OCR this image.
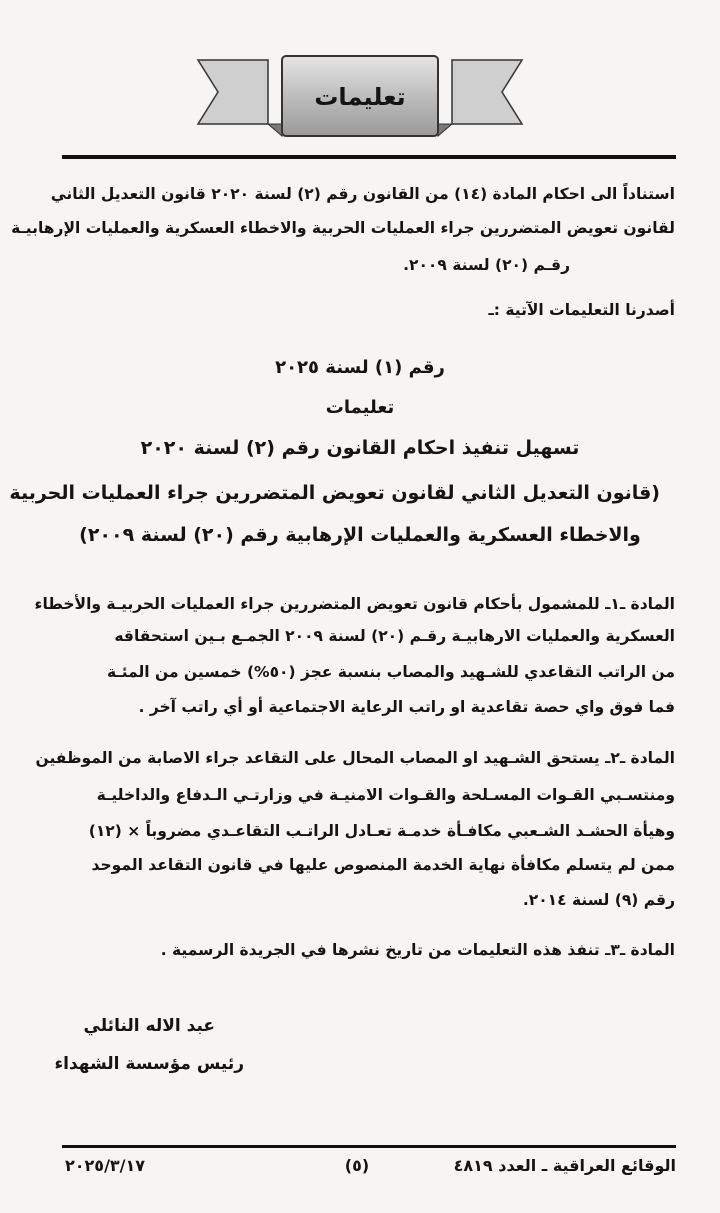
تعليمات
استناداً الى احكام المادة (١٤) من القانون رقم (٢) لسنة ٢٠٢٠ قانون التعديل الثاني
لقانون تعويض المتضررين جراء العمليات الحربية والاخطاء العسكرية والعمليات الإرهابيـة
رقـم (٢٠) لسنة ٢٠٠٩.
أصدرنا التعليمات الآتية :ـ
رقم (١) لسنة ٢٠٢٥
تعليمات
تسهيل تنفيذ احكام القانون رقم (٢) لسنة ٢٠٢٠
(قانون التعديل الثاني لقانون تعويض المتضررين جراء العمليات الحربية
والاخطاء العسكرية والعمليات الإرهابية رقم (٢٠) لسنة ٢٠٠٩)
المادة ـ١ـ للمشمول بأحكام قانون تعويض المتضررين جراء العمليات الحربيـة والأخطاء
العسكرية والعمليات الارهابيـة رقـم (٢٠) لسنة ٢٠٠٩ الجمـع بـين استحقاقه
من الراتب التقاعدي للشـهيد والمصاب بنسبة عجز (٥٠%) خمسين من المئـة
فما فوق واي حصة تقاعدية او راتب الرعاية الاجتماعية أو أي راتب آخر .
المادة ـ٢ـ يستحق الشـهيد او المصاب المحال على التقاعد جراء الاصابة من الموظفين
ومنتسـبي القـوات المسـلحة والقـوات الامنيـة في وزارتـي الـدفاع والداخليـة
وهيأة الحشـد الشـعبي مكافـأة خدمـة تعـادل الراتـب التقاعـدي مضروباً × (١٢)
ممن لم يتسلم مكافأة نهاية الخدمة المنصوص عليها في قانون التقاعد الموحد
رقم (٩) لسنة ٢٠١٤.
المادة ـ٣ـ تنفذ هذه التعليمات من تاريخ نشرها في الجريدة الرسمية .
عبد الاله النائلي
رئيس مؤسسة الشهداء
الوقائع العراقية ـ العدد ٤٨١٩
(٥)
٢٠٢٥/٣/١٧
